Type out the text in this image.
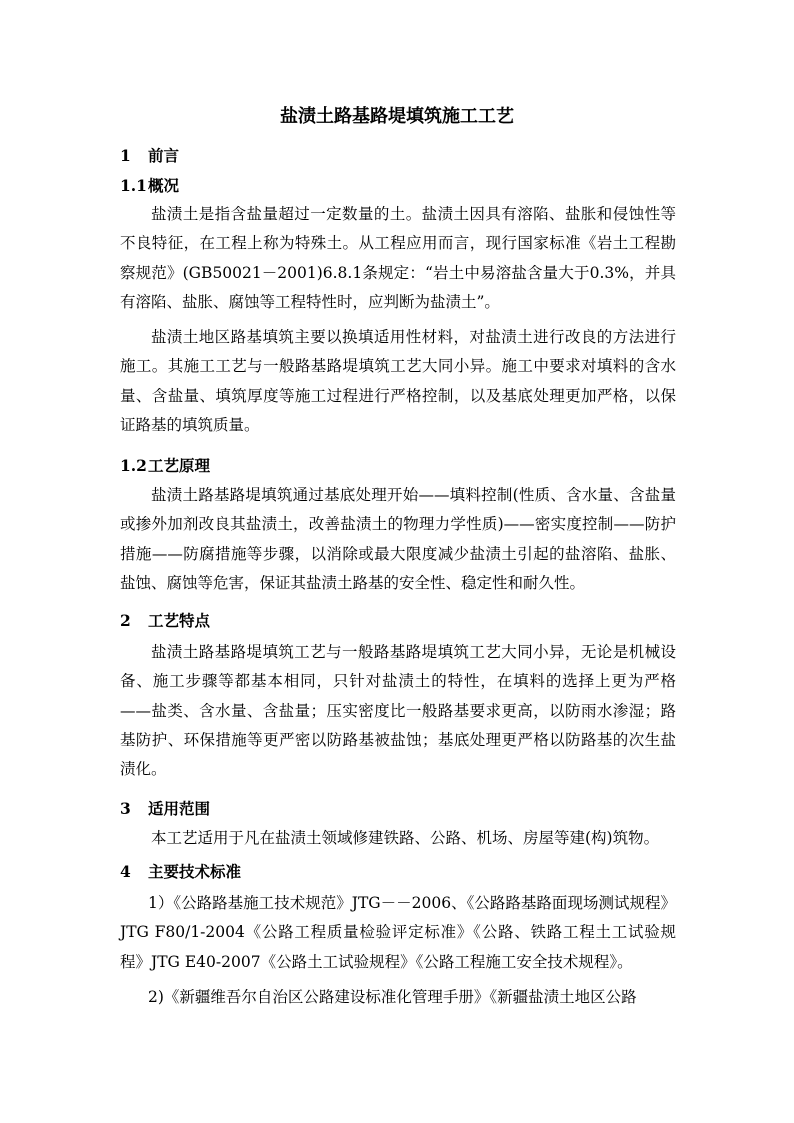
盐渍土路基路堤填筑施工工艺
1 前言
1.1概况

盐渍土是指含盐量超过一定数量的土。盐渍土因具有溶陷、盐胀和侵蚀性等不良特征，在工程上称为特殊土。从工程应用而言，现行国家标准《岩土工程勘察规范》(GB50021－2001)6.8.1条规定：“岩土中易溶盐含量大于0.3%，并具有溶陷、盐胀、腐蚀等工程特性时，应判断为盐渍土”。

盐渍土地区路基填筑主要以换填适用性材料，对盐渍土进行改良的方法进行施工。其施工工艺与一般路基路堤填筑工艺大同小异。施工中要求对填料的含水量、含盐量、填筑厚度等施工过程进行严格控制，以及基底处理更加严格，以保证路基的填筑质量。

1.2工艺原理

盐渍土路基路堤填筑通过基底处理开始——填料控制(性质、含水量、含盐量或掺外加剂改良其盐渍土，改善盐渍土的物理力学性质)——密实度控制——防护措施——防腐措施等步骤，以消除或最大限度减少盐渍土引起的盐溶陷、盐胀、盐蚀、腐蚀等危害，保证其盐渍土路基的安全性、稳定性和耐久性。

2 工艺特点

盐渍土路基路堤填筑工艺与一般路基路堤填筑工艺大同小异，无论是机械设备、施工步骤等都基本相同，只针对盐渍土的特性，在填料的选择上更为严格——盐类、含水量、含盐量；压实密度比一般路基要求更高，以防雨水渗湿；路基防护、环保措施等更严密以防路基被盐蚀；基底处理更严格以防路基的次生盐渍化。

3 适用范围

本工艺适用于凡在盐渍土领域修建铁路、公路、机场、房屋等建(构)筑物。

4 主要技术标准

1）《公路路基施工技术规范》JTG－－2006、《公路路基路面现场测试规程》 JTG F80/1-2004《公路工程质量检验评定标准》《公路、铁路工程土工试验规程》JTG E40-2007《公路土工试验规程》《公路工程施工安全技术规程》。

2)《新疆维吾尔自治区公路建设标准化管理手册》《新疆盐渍土地区公路
